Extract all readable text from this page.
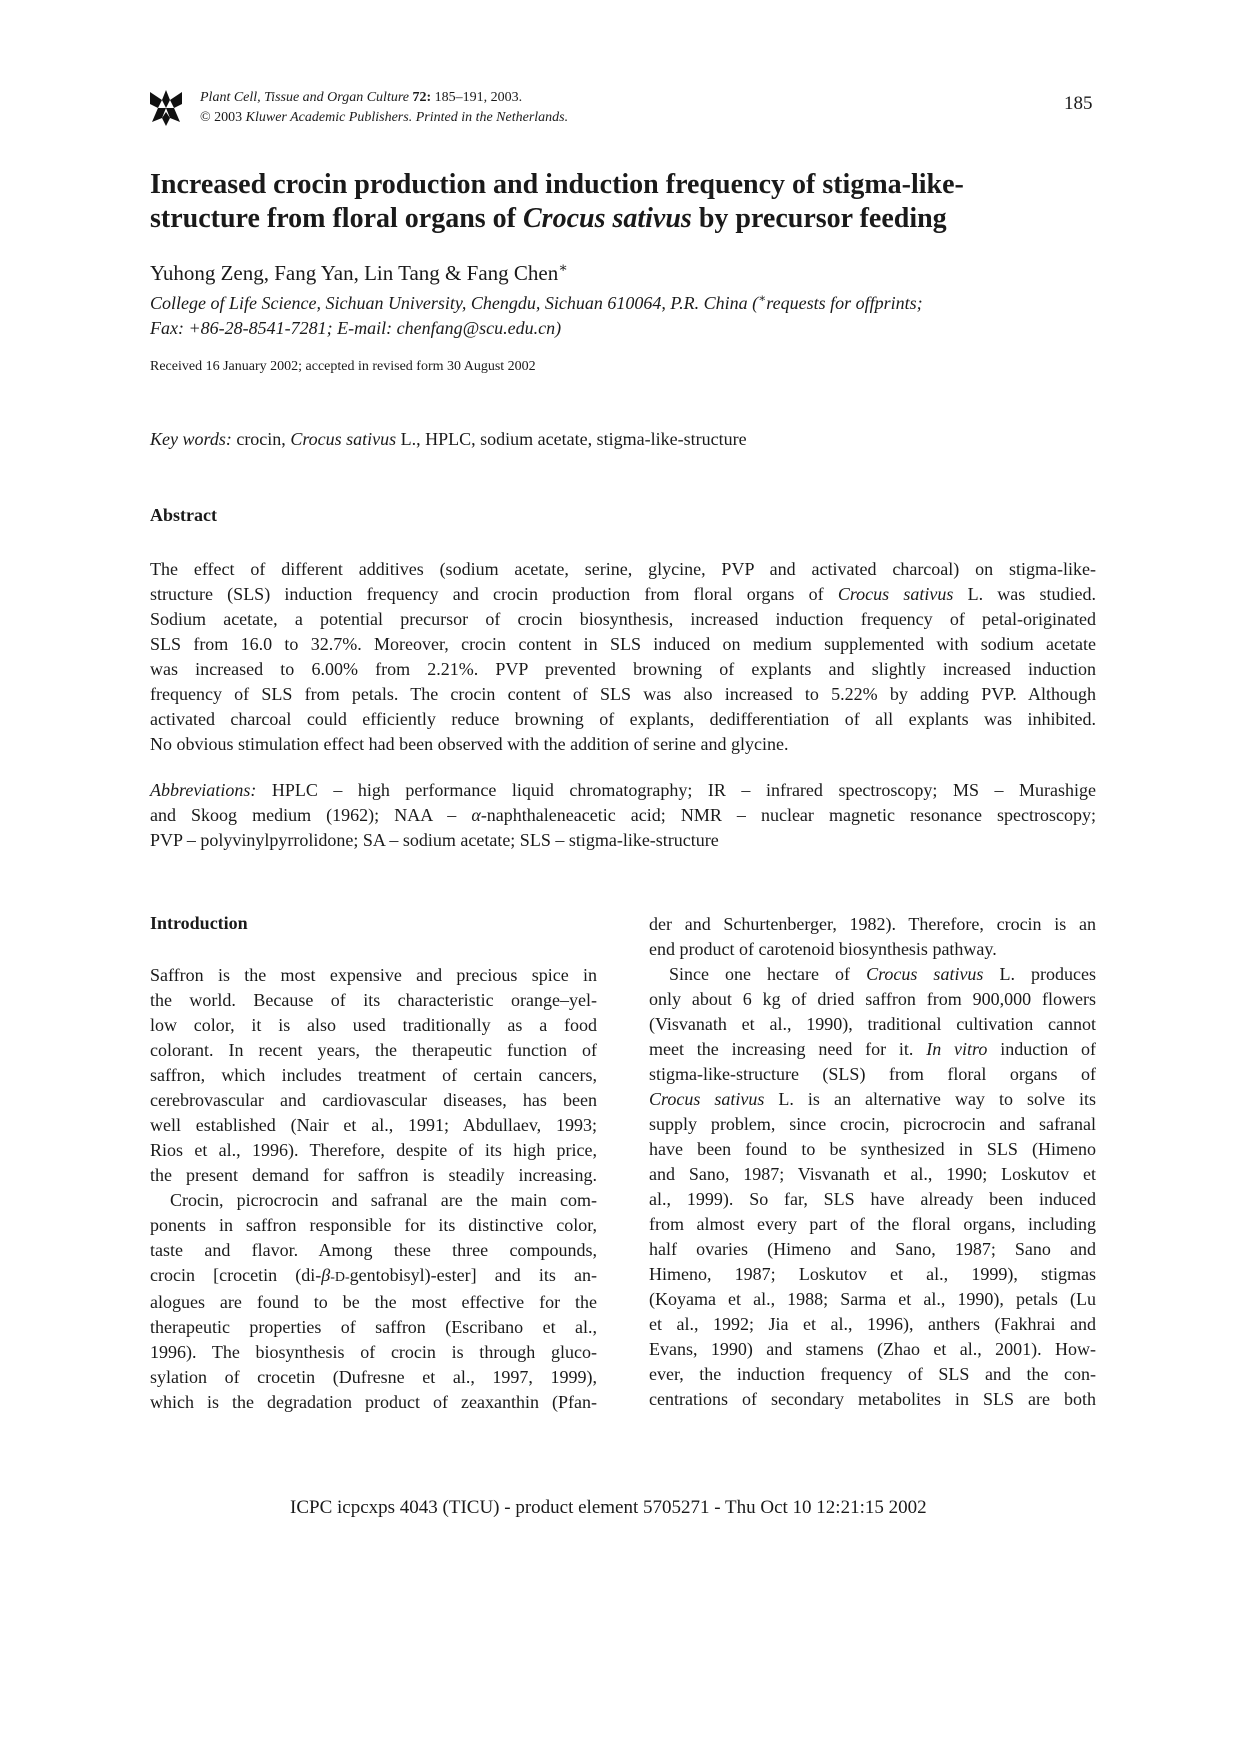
Plant Cell, Tissue and Organ Culture 72: 185–191, 2003.
© 2003 Kluwer Academic Publishers. Printed in the Netherlands.
185
Increased crocin production and induction frequency of stigma-like-
structure from floral organs of Crocus sativus by precursor feeding
Yuhong Zeng, Fang Yan, Lin Tang & Fang Chen∗
College of Life Science, Sichuan University, Chengdu, Sichuan 610064, P.R. China (∗requests for offprints;
Fax: +86-28-8541-7281; E-mail: chenfang@scu.edu.cn)
Received 16 January 2002; accepted in revised form 30 August 2002
Key words: crocin, Crocus sativus L., HPLC, sodium acetate, stigma-like-structure
Abstract
The effect of different additives (sodium acetate, serine, glycine, PVP and activated charcoal) on stigma-like-
structure (SLS) induction frequency and crocin production from floral organs of Crocus sativus L. was studied.
Sodium acetate, a potential precursor of crocin biosynthesis, increased induction frequency of petal-originated
SLS from 16.0 to 32.7%. Moreover, crocin content in SLS induced on medium supplemented with sodium acetate
was increased to 6.00% from 2.21%. PVP prevented browning of explants and slightly increased induction
frequency of SLS from petals. The crocin content of SLS was also increased to 5.22% by adding PVP. Although
activated charcoal could efficiently reduce browning of explants, dedifferentiation of all explants was inhibited.
No obvious stimulation effect had been observed with the addition of serine and glycine.
Abbreviations: HPLC – high performance liquid chromatography; IR – infrared spectroscopy; MS – Murashige
and Skoog medium (1962); NAA – α-naphthaleneacetic acid; NMR – nuclear magnetic resonance spectroscopy;
PVP – polyvinylpyrrolidone; SA – sodium acetate; SLS – stigma-like-structure
Introduction
Saffron is the most expensive and precious spice in
the world. Because of its characteristic orange–yel-
low color, it is also used traditionally as a food
colorant. In recent years, the therapeutic function of
saffron, which includes treatment of certain cancers,
cerebrovascular and cardiovascular diseases, has been
well established (Nair et al., 1991; Abdullaev, 1993;
Rios et al., 1996). Therefore, despite of its high price,
the present demand for saffron is steadily increasing.
Crocin, picrocrocin and safranal are the main com-
ponents in saffron responsible for its distinctive color,
taste and flavor. Among these three compounds,
crocin [crocetin (di-β-D-gentobisyl)-ester] and its an-
alogues are found to be the most effective for the
therapeutic properties of saffron (Escribano et al.,
1996). The biosynthesis of crocin is through gluco-
sylation of crocetin (Dufresne et al., 1997, 1999),
which is the degradation product of zeaxanthin (Pfan-
der and Schurtenberger, 1982). Therefore, crocin is an
end product of carotenoid biosynthesis pathway.
Since one hectare of Crocus sativus L. produces
only about 6 kg of dried saffron from 900,000 flowers
(Visvanath et al., 1990), traditional cultivation cannot
meet the increasing need for it. In vitro induction of
stigma-like-structure (SLS) from floral organs of
Crocus sativus L. is an alternative way to solve its
supply problem, since crocin, picrocrocin and safranal
have been found to be synthesized in SLS (Himeno
and Sano, 1987; Visvanath et al., 1990; Loskutov et
al., 1999). So far, SLS have already been induced
from almost every part of the floral organs, including
half ovaries (Himeno and Sano, 1987; Sano and
Himeno, 1987; Loskutov et al., 1999), stigmas
(Koyama et al., 1988; Sarma et al., 1990), petals (Lu
et al., 1992; Jia et al., 1996), anthers (Fakhrai and
Evans, 1990) and stamens (Zhao et al., 2001). How-
ever, the induction frequency of SLS and the con-
centrations of secondary metabolites in SLS are both
ICPC icpcxps 4043 (TICU) - product element 5705271 - Thu Oct 10 12:21:15 2002
